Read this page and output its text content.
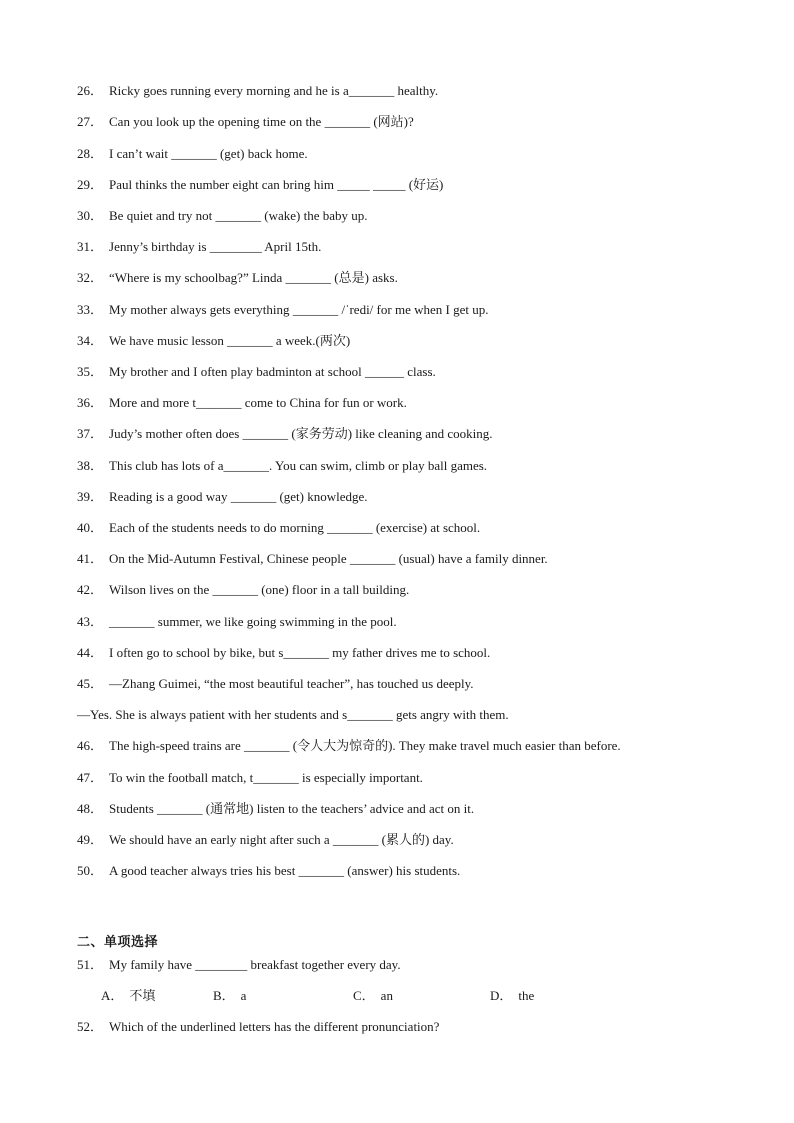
26． Ricky goes running every morning and he is a_______ healthy.
27． Can you look up the opening time on the _______ (网站)?
28． I can’t wait _______ (get) back home.
29． Paul thinks the number eight can bring him _____ _____ (好运)
30． Be quiet and try not _______ (wake) the baby up.
31． Jenny’s birthday is ________ April 15th.
32． “Where is my schoolbag?” Linda _______ (总是) asks.
33． My mother always gets everything _______ /ˈredi/ for me when I get up.
34． We have music lesson _______ a week.(两次)
35． My brother and I often play badminton at school ______ class.
36． More and more t_______ come to China for fun or work.
37． Judy’s mother often does _______ (家务劳动) like cleaning and cooking.
38． This club has lots of a_______. You can swim, climb or play ball games.
39． Reading is a good way _______ (get) knowledge.
40． Each of the students needs to do morning _______ (exercise) at school.
41． On the Mid-Autumn Festival, Chinese people _______ (usual) have a family dinner.
42． Wilson lives on the _______ (one) floor in a tall building.
43． _______ summer, we like going swimming in the pool.
44． I often go to school by bike, but s_______ my father drives me to school.
45． —Zhang Guimei, “the most beautiful teacher”, has touched us deeply.
—Yes. She is always patient with her students and s_______ gets angry with them.
46． The high-speed trains are _______ (令人大为惊奇的). They make travel much easier than before.
47． To win the football match, t_______ is especially important.
48． Students _______ (通常地) listen to the teachers’ advice and act on it.
49． We should have an early night after such a _______ (累人的) day.
50． A good teacher always tries his best _______ (answer) his students.
二、单项选择
51． My family have ________ breakfast together every day.
A． 不填	B． a	C． an	D． the
52． Which of the underlined letters has the different pronunciation?
